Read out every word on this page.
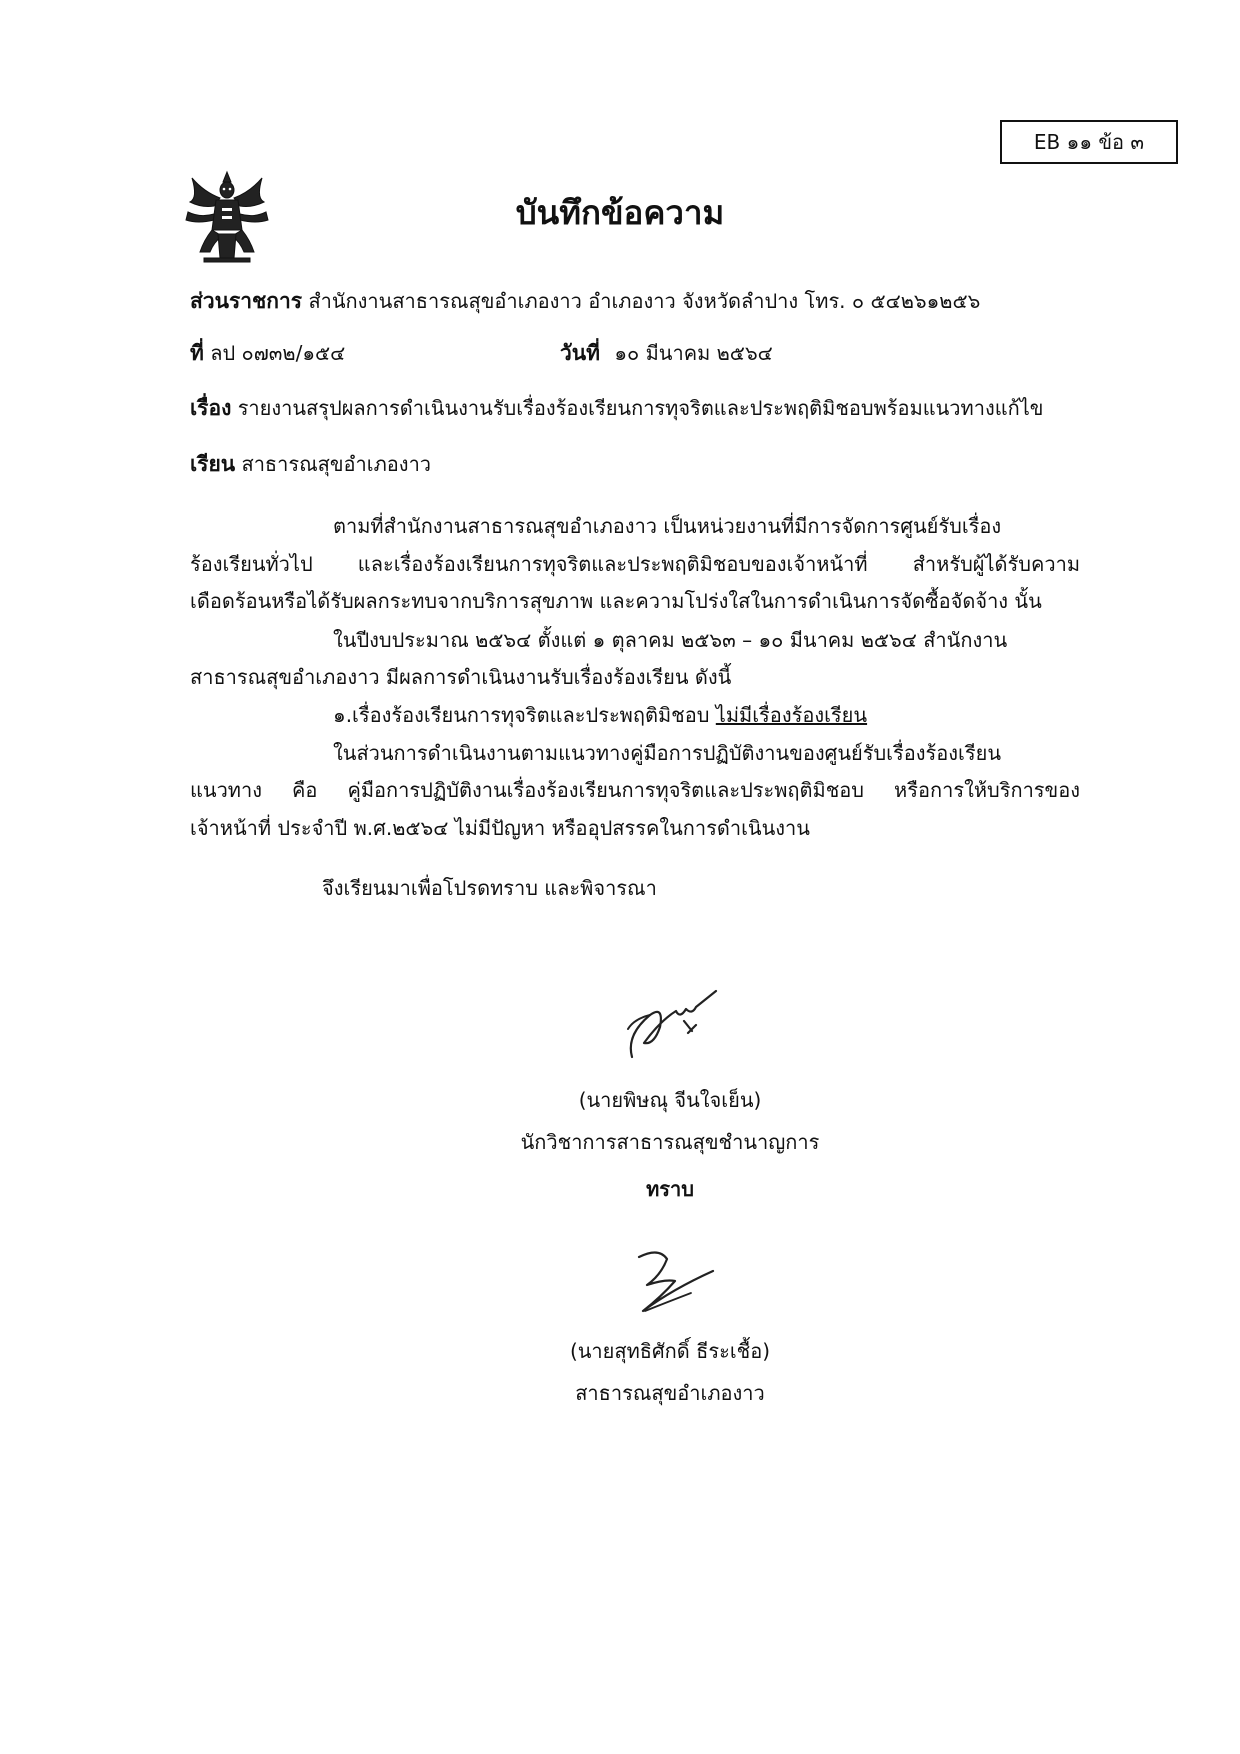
EB ๑๑ ข้อ ๓
บันทึกข้อความ
ส่วนราชการ สำนักงานสาธารณสุขอำเภองาว อำเภองาว จังหวัดลำปาง โทร. ๐ ๕๔๒๖๑๒๕๖
ที่ ลป ๐๗๓๒/๑๕๔	วันที่ ๑๐ มีนาคม ๒๕๖๔
เรื่อง รายงานสรุปผลการดำเนินงานรับเรื่องร้องเรียนการทุจริตและประพฤติมิชอบพร้อมแนวทางแก้ไข
เรียน สาธารณสุขอำเภองาว
ตามที่สำนักงานสาธารณสุขอำเภองาว เป็นหน่วยงานที่มีการจัดการศูนย์รับเรื่อง
ร้องเรียนทั่วไป และเรื่องร้องเรียนการทุจริตและประพฤติมิชอบของเจ้าหน้าที่ สำหรับผู้ได้รับความ
เดือดร้อนหรือได้รับผลกระทบจากบริการสุขภาพ และความโปร่งใสในการดำเนินการจัดซื้อจัดจ้าง นั้น
ในปีงบประมาณ ๒๕๖๔ ตั้งแต่ ๑ ตุลาคม ๒๕๖๓ – ๑๐ มีนาคม ๒๕๖๔ สำนักงาน
สาธารณสุขอำเภองาว มีผลการดำเนินงานรับเรื่องร้องเรียน ดังนี้
๑.เรื่องร้องเรียนการทุจริตและประพฤติมิชอบ ไม่มีเรื่องร้องเรียน
ในส่วนการดำเนินงานตามแนวทางคู่มือการปฏิบัติงานของศูนย์รับเรื่องร้องเรียน
แนวทาง คือ คู่มือการปฏิบัติงานเรื่องร้องเรียนการทุจริตและประพฤติมิชอบ หรือการให้บริการของ
เจ้าหน้าที่ ประจำปี พ.ศ.๒๕๖๔ ไม่มีปัญหา หรืออุปสรรคในการดำเนินงาน
จึงเรียนมาเพื่อโปรดทราบ และพิจารณา
(นายพิษณุ จีนใจเย็น)
นักวิชาการสาธารณสุขชำนาญการ
ทราบ
(นายสุทธิศักดิ์ ธีระเชื้อ)
สาธารณสุขอำเภองาว
